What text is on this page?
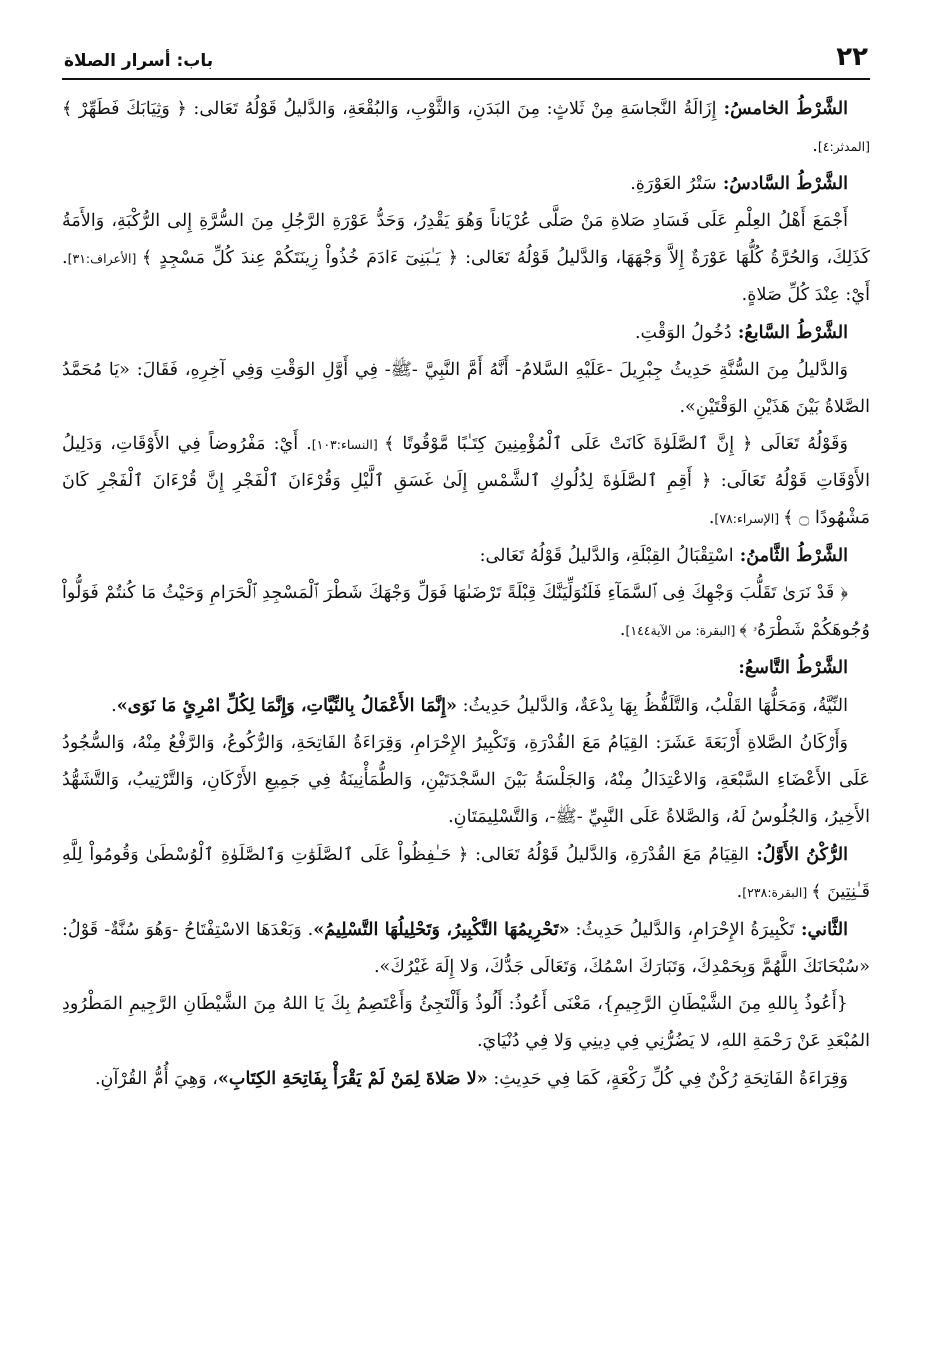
٢٢
باب: أسرار الصلاة

الشَّرْطُ الخامسُ: إِزَالَةُ النَّجاسَةِ مِنْ ثَلاثٍ: مِنَ البَدَنِ، وَالثَّوْبِ، وَالبُقْعَةِ، وَالدَّليلُ قَوْلُهُ تَعَالى: ﴿ وَثِيَابَكَ فَطَهِّرْ ﴾ [المدثر:٤].

الشَّرْطُ السَّادسُ: سَتْرُ العَوْرَةِ.

أَجْمَعَ أَهْلُ العِلْمِ عَلَى فَسَادِ صَلاةِ مَنْ صَلَّى عُرْيَاناً وَهُوَ يَقْدِرُ، وَحَدُّ عَوْرَةِ الرَّجُلِ مِنَ السُّرَّةِ إِلى الرُّكْبَةِ، وَالأَمَةُ كَذَلِكَ، وَالحُرَّةُ كُلُّهَا عَوْرَةٌ إِلاَّ وَجْهَهَا، وَالدَّليلُ قَوْلُهُ تَعَالى: ﴿ يَـٰبَنِىٓ ءَادَمَ خُذُواْ زِينَتَكُمْ عِندَ كُلِّ مَسْجِدٍ ﴾ [الأعراف:٣١]. أَيْ: عِنْدَ كُلِّ صَلاةٍ.

الشَّرْطُ السَّابعُ: دُخُولُ الوَقْتِ.

وَالدَّليلُ مِنَ السُّنَّةِ حَدِيثُ جِبْرِيلَ -عَلَيْهِ السَّلامُ- أَنَّهُ أَمَّ النَّبِيَّ -ﷺ- فِي أَوَّلِ الوَقْتِ وَفِي آخِرِهِ، فَقَالَ: «يَا مُحَمَّدُ الصَّلاةُ بَيْنَ هَذَيْنِ الوَقْتَيْنِ».

وَقَوْلُهُ تَعَالَى ﴿ إِنَّ ٱلصَّلَوٰةَ كَانَتْ عَلَى ٱلْمُؤْمِنِينَ كِتَـٰبًا مَّوْقُوتًا ﴾ [النساء:١٠٣]. أَيْ: مَفْرُوضاً فِي الأَوْقَاتِ، وَدَلِيلُ الأَوْقَاتِ قَوْلُهُ تَعَالَى: ﴿ أَقِمِ ٱلصَّلَوٰةَ لِدُلُوكِ ٱلشَّمْسِ إِلَىٰ غَسَقِ ٱلَّيْلِ وَقُرْءَانَ ٱلْفَجْرِ إِنَّ قُرْءَانَ ٱلْفَجْرِ كَانَ مَشْهُودًا ۝ ﴾ [الإسراء:٧٨].

الشَّرْطُ الثَّامنُ: اسْتِقْبَالُ القِبْلَةِ، وَالدَّليلُ قَوْلُهُ تَعَالى:

﴿ قَدْ نَرَىٰ تَقَلُّبَ وَجْهِكَ فِى ٱلسَّمَآءِ فَلَنُوَلِّيَنَّكَ قِبْلَةً تَرْضَىٰهَا فَوَلِّ وَجْهَكَ شَطْرَ ٱلْمَسْجِدِ ٱلْحَرَامِ وَحَيْثُ مَا كُنتُمْ فَوَلُّواْ وُجُوهَكُمْ شَطْرَهُۥ ﴾ [البقرة: من الآية١٤٤].

الشَّرْطُ التَّاسعُ:

النِّيَّةُ، وَمَحَلُّهَا القَلْبُ، وَالتَّلَفُّظُ بِهَا بِدْعَةٌ، وَالدَّليلُ حَدِيثُ: «إِنَّمَا الأَعْمَالُ بِالنِّيَّاتِ، وَإِنَّمَا لِكُلِّ امْرِئٍ مَا نَوَى».

وَأَرْكَانُ الصَّلاةِ أَرْبَعَةَ عَشَرَ: القِيَامُ مَعَ القُدْرَةِ، وَتَكْبِيرُ الإِحْرَامِ، وَقِرَاءَةُ الفَاتِحَةِ، وَالرُّكُوعُ، وَالرَّفْعُ مِنْهُ، وَالسُّجُودُ عَلَى الأَعْضَاءِ السَّبْعَةِ، وَالاعْتِدَالُ مِنْهُ، وَالجَلْسَةُ بَيْنَ السَّجْدَتَيْنِ، وَالطُّمَأْنِينَةُ فِي جَمِيعِ الأَرْكَانِ، وَالتَّرْتِيبُ، وَالتَّشَهُّدُ الأَخِيرُ، وَالجُلُوسُ لَهُ، وَالصَّلاةُ عَلَى النَّبِيِّ -ﷺ-، وَالتَّسْلِيمَتَانِ.

الرُّكْنُ الأَوَّلُ: القِيَامُ مَعَ القُدْرَةِ، وَالدَّليلُ قَوْلُهُ تَعَالى: ﴿ حَـٰفِظُواْ عَلَى ٱلصَّلَوَٰتِ وَٱلصَّلَوٰةِ ٱلْوُسْطَىٰ وَقُومُواْ لِلَّهِ قَـٰنِتِينَ ﴾ [البقرة:٢٣٨].

الثَّاني: تَكْبِيرَةُ الإِحْرَامِ، وَالدَّليلُ حَدِيثُ: «تَحْرِيمُهَا التَّكْبِيرُ، وَتَحْلِيلُهَا التَّسْلِيمُ». وَبَعْدَهَا الاسْتِفْتَاحُ -وَهُوَ سُنَّةٌ- قَوْلُ: «سُبْحَانَكَ اللَّهُمَّ وَبِحَمْدِكَ، وَتَبَارَكَ اسْمُكَ، وَتَعَالَى جَدُّكَ، وَلا إِلَهَ غَيْرُكَ».

{أَعُوذُ بِاللهِ مِنَ الشَّيْطَانِ الرَّجِيمِ}، مَعْنَى أَعُوذُ: أَلُوذُ وَأَلْتَجِئُ وَأَعْتَصِمُ بِكَ يَا اللهُ مِنَ الشَّيْطَانِ الرَّجِيمِ المَطْرُودِ المُبْعَدِ عَنْ رَحْمَةِ اللهِ، لا يَضُرُّنِي فِي دِينِي وَلا فِي دُنْيَايَ.

وَقِرَاءَةُ الفَاتِحَةِ رُكْنٌ فِي كُلِّ رَكْعَةٍ، كَمَا فِي حَدِيثِ: «لا صَلاةَ لِمَنْ لَمْ يَقْرَأْ بِفَاتِحَةِ الكِتَابِ»، وَهِيَ أُمُّ القُرْآنِ.
